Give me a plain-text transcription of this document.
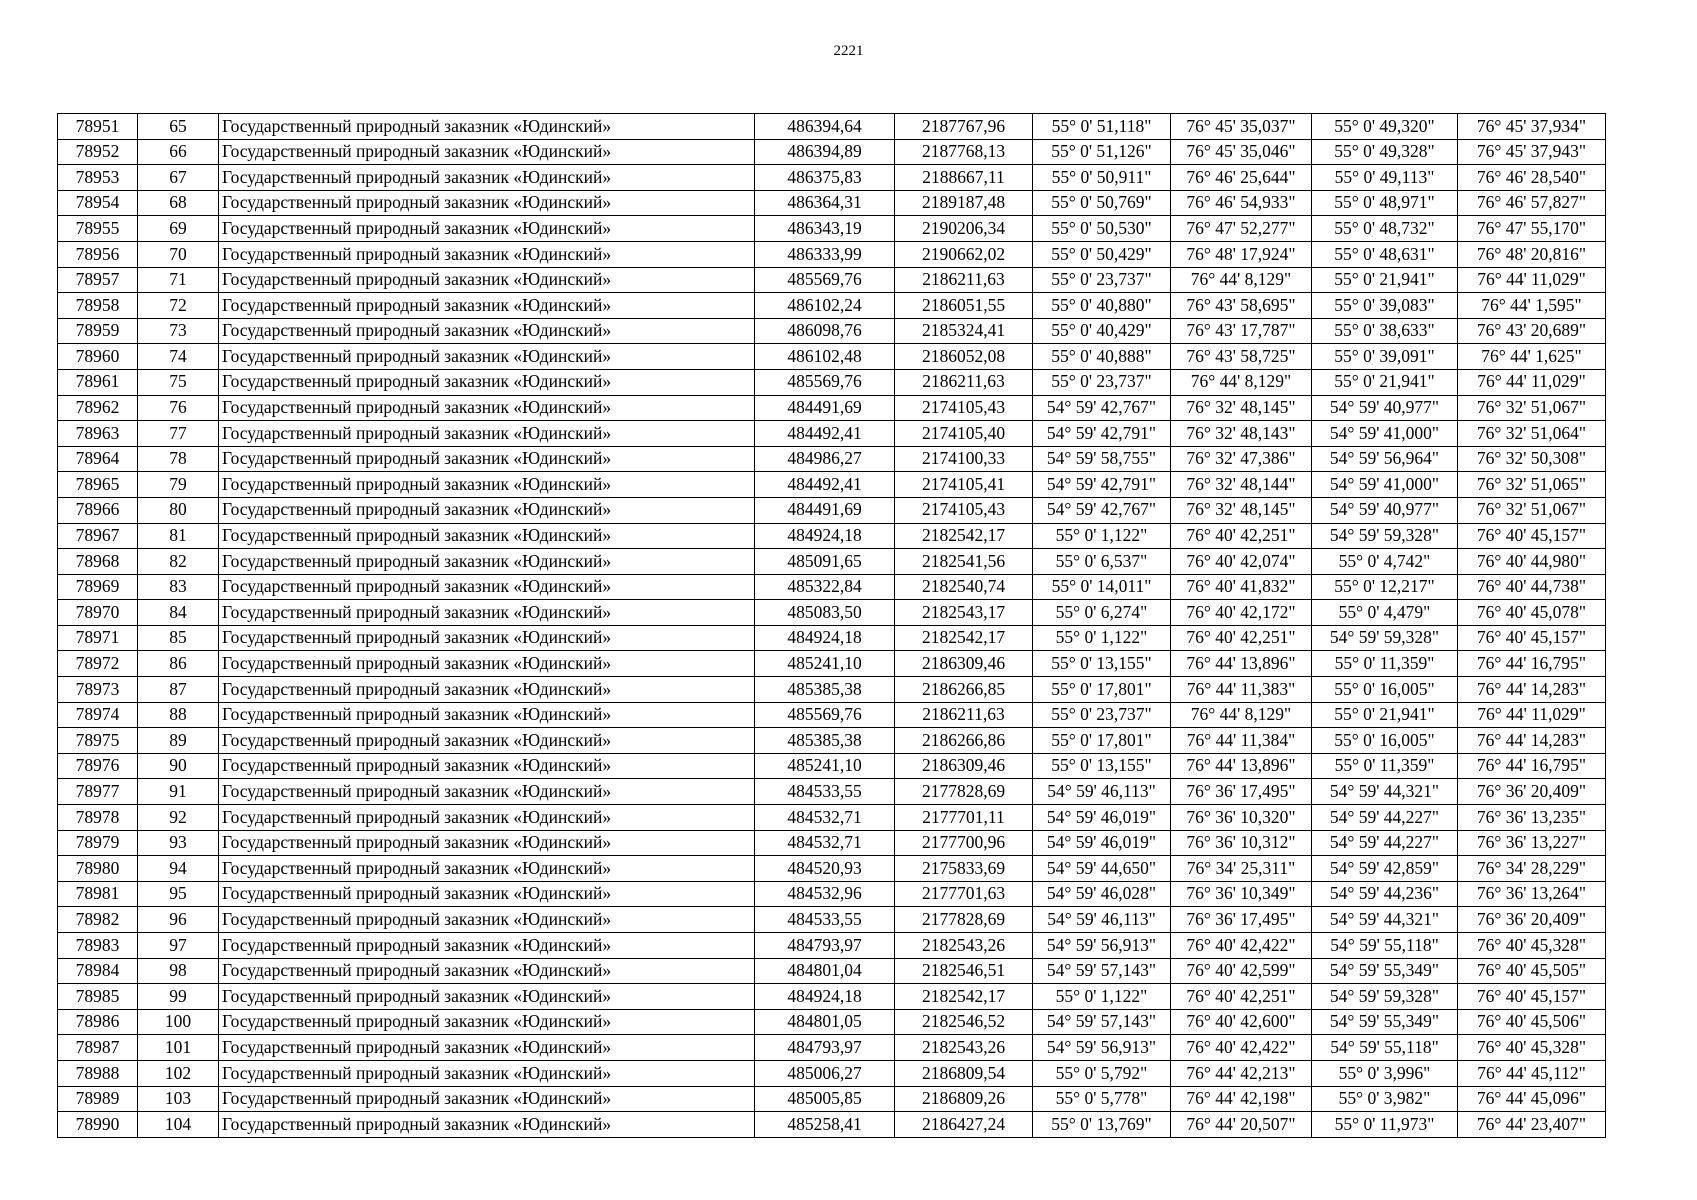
2221
78951	65	Государственный природный заказник «Юдинский»	486394,64	2187767,96	55° 0' 51,118"	76° 45' 35,037"	55° 0' 49,320"	76° 45' 37,934"
78952	66	Государственный природный заказник «Юдинский»	486394,89	2187768,13	55° 0' 51,126"	76° 45' 35,046"	55° 0' 49,328"	76° 45' 37,943"
78953	67	Государственный природный заказник «Юдинский»	486375,83	2188667,11	55° 0' 50,911"	76° 46' 25,644"	55° 0' 49,113"	76° 46' 28,540"
78954	68	Государственный природный заказник «Юдинский»	486364,31	2189187,48	55° 0' 50,769"	76° 46' 54,933"	55° 0' 48,971"	76° 46' 57,827"
78955	69	Государственный природный заказник «Юдинский»	486343,19	2190206,34	55° 0' 50,530"	76° 47' 52,277"	55° 0' 48,732"	76° 47' 55,170"
78956	70	Государственный природный заказник «Юдинский»	486333,99	2190662,02	55° 0' 50,429"	76° 48' 17,924"	55° 0' 48,631"	76° 48' 20,816"
78957	71	Государственный природный заказник «Юдинский»	485569,76	2186211,63	55° 0' 23,737"	76° 44' 8,129"	55° 0' 21,941"	76° 44' 11,029"
78958	72	Государственный природный заказник «Юдинский»	486102,24	2186051,55	55° 0' 40,880"	76° 43' 58,695"	55° 0' 39,083"	76° 44' 1,595"
78959	73	Государственный природный заказник «Юдинский»	486098,76	2185324,41	55° 0' 40,429"	76° 43' 17,787"	55° 0' 38,633"	76° 43' 20,689"
78960	74	Государственный природный заказник «Юдинский»	486102,48	2186052,08	55° 0' 40,888"	76° 43' 58,725"	55° 0' 39,091"	76° 44' 1,625"
78961	75	Государственный природный заказник «Юдинский»	485569,76	2186211,63	55° 0' 23,737"	76° 44' 8,129"	55° 0' 21,941"	76° 44' 11,029"
78962	76	Государственный природный заказник «Юдинский»	484491,69	2174105,43	54° 59' 42,767"	76° 32' 48,145"	54° 59' 40,977"	76° 32' 51,067"
78963	77	Государственный природный заказник «Юдинский»	484492,41	2174105,40	54° 59' 42,791"	76° 32' 48,143"	54° 59' 41,000"	76° 32' 51,064"
78964	78	Государственный природный заказник «Юдинский»	484986,27	2174100,33	54° 59' 58,755"	76° 32' 47,386"	54° 59' 56,964"	76° 32' 50,308"
78965	79	Государственный природный заказник «Юдинский»	484492,41	2174105,41	54° 59' 42,791"	76° 32' 48,144"	54° 59' 41,000"	76° 32' 51,065"
78966	80	Государственный природный заказник «Юдинский»	484491,69	2174105,43	54° 59' 42,767"	76° 32' 48,145"	54° 59' 40,977"	76° 32' 51,067"
78967	81	Государственный природный заказник «Юдинский»	484924,18	2182542,17	55° 0' 1,122"	76° 40' 42,251"	54° 59' 59,328"	76° 40' 45,157"
78968	82	Государственный природный заказник «Юдинский»	485091,65	2182541,56	55° 0' 6,537"	76° 40' 42,074"	55° 0' 4,742"	76° 40' 44,980"
78969	83	Государственный природный заказник «Юдинский»	485322,84	2182540,74	55° 0' 14,011"	76° 40' 41,832"	55° 0' 12,217"	76° 40' 44,738"
78970	84	Государственный природный заказник «Юдинский»	485083,50	2182543,17	55° 0' 6,274"	76° 40' 42,172"	55° 0' 4,479"	76° 40' 45,078"
78971	85	Государственный природный заказник «Юдинский»	484924,18	2182542,17	55° 0' 1,122"	76° 40' 42,251"	54° 59' 59,328"	76° 40' 45,157"
78972	86	Государственный природный заказник «Юдинский»	485241,10	2186309,46	55° 0' 13,155"	76° 44' 13,896"	55° 0' 11,359"	76° 44' 16,795"
78973	87	Государственный природный заказник «Юдинский»	485385,38	2186266,85	55° 0' 17,801"	76° 44' 11,383"	55° 0' 16,005"	76° 44' 14,283"
78974	88	Государственный природный заказник «Юдинский»	485569,76	2186211,63	55° 0' 23,737"	76° 44' 8,129"	55° 0' 21,941"	76° 44' 11,029"
78975	89	Государственный природный заказник «Юдинский»	485385,38	2186266,86	55° 0' 17,801"	76° 44' 11,384"	55° 0' 16,005"	76° 44' 14,283"
78976	90	Государственный природный заказник «Юдинский»	485241,10	2186309,46	55° 0' 13,155"	76° 44' 13,896"	55° 0' 11,359"	76° 44' 16,795"
78977	91	Государственный природный заказник «Юдинский»	484533,55	2177828,69	54° 59' 46,113"	76° 36' 17,495"	54° 59' 44,321"	76° 36' 20,409"
78978	92	Государственный природный заказник «Юдинский»	484532,71	2177701,11	54° 59' 46,019"	76° 36' 10,320"	54° 59' 44,227"	76° 36' 13,235"
78979	93	Государственный природный заказник «Юдинский»	484532,71	2177700,96	54° 59' 46,019"	76° 36' 10,312"	54° 59' 44,227"	76° 36' 13,227"
78980	94	Государственный природный заказник «Юдинский»	484520,93	2175833,69	54° 59' 44,650"	76° 34' 25,311"	54° 59' 42,859"	76° 34' 28,229"
78981	95	Государственный природный заказник «Юдинский»	484532,96	2177701,63	54° 59' 46,028"	76° 36' 10,349"	54° 59' 44,236"	76° 36' 13,264"
78982	96	Государственный природный заказник «Юдинский»	484533,55	2177828,69	54° 59' 46,113"	76° 36' 17,495"	54° 59' 44,321"	76° 36' 20,409"
78983	97	Государственный природный заказник «Юдинский»	484793,97	2182543,26	54° 59' 56,913"	76° 40' 42,422"	54° 59' 55,118"	76° 40' 45,328"
78984	98	Государственный природный заказник «Юдинский»	484801,04	2182546,51	54° 59' 57,143"	76° 40' 42,599"	54° 59' 55,349"	76° 40' 45,505"
78985	99	Государственный природный заказник «Юдинский»	484924,18	2182542,17	55° 0' 1,122"	76° 40' 42,251"	54° 59' 59,328"	76° 40' 45,157"
78986	100	Государственный природный заказник «Юдинский»	484801,05	2182546,52	54° 59' 57,143"	76° 40' 42,600"	54° 59' 55,349"	76° 40' 45,506"
78987	101	Государственный природный заказник «Юдинский»	484793,97	2182543,26	54° 59' 56,913"	76° 40' 42,422"	54° 59' 55,118"	76° 40' 45,328"
78988	102	Государственный природный заказник «Юдинский»	485006,27	2186809,54	55° 0' 5,792"	76° 44' 42,213"	55° 0' 3,996"	76° 44' 45,112"
78989	103	Государственный природный заказник «Юдинский»	485005,85	2186809,26	55° 0' 5,778"	76° 44' 42,198"	55° 0' 3,982"	76° 44' 45,096"
78990	104	Государственный природный заказник «Юдинский»	485258,41	2186427,24	55° 0' 13,769"	76° 44' 20,507"	55° 0' 11,973"	76° 44' 23,407"
